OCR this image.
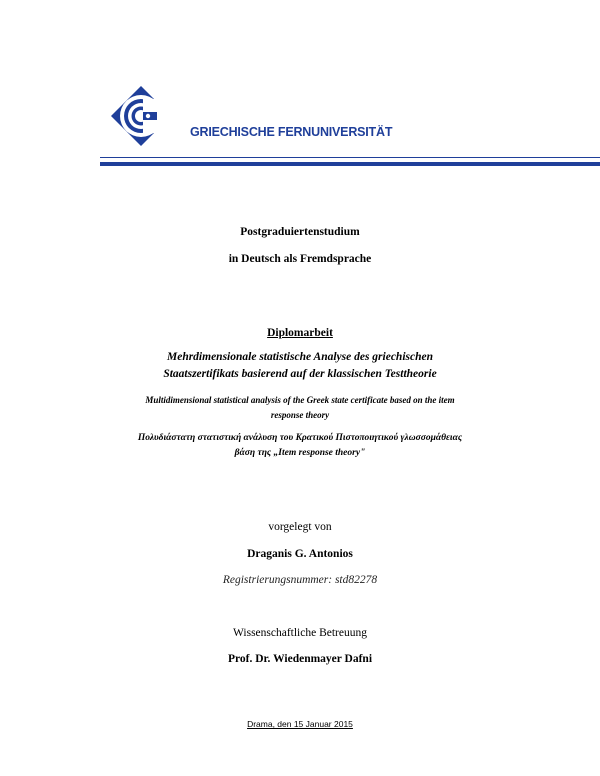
GRIECHISCHE FERNUNIVERSITÄT
Postgraduiertenstudium
in Deutsch als Fremdsprache
Diplomarbeit
Mehrdimensionale statistische Analyse des griechischen
Staatszertifikats basierend auf der klassischen Testtheorie
Multidimensional statistical analysis of the Greek state certificate based on the item
response theory
Πολυδιάστατη στατιστική ανάλυση του Κρατικού Πιστοποιητικού γλωσσομάθειας
βάση της „Item response theory"
vorgelegt von
Draganis G. Antonios
Registrierungsnummer: std82278
Wissenschaftliche Betreuung
Prof. Dr. Wiedenmayer Dafni
Drama, den 15 Januar 2015
